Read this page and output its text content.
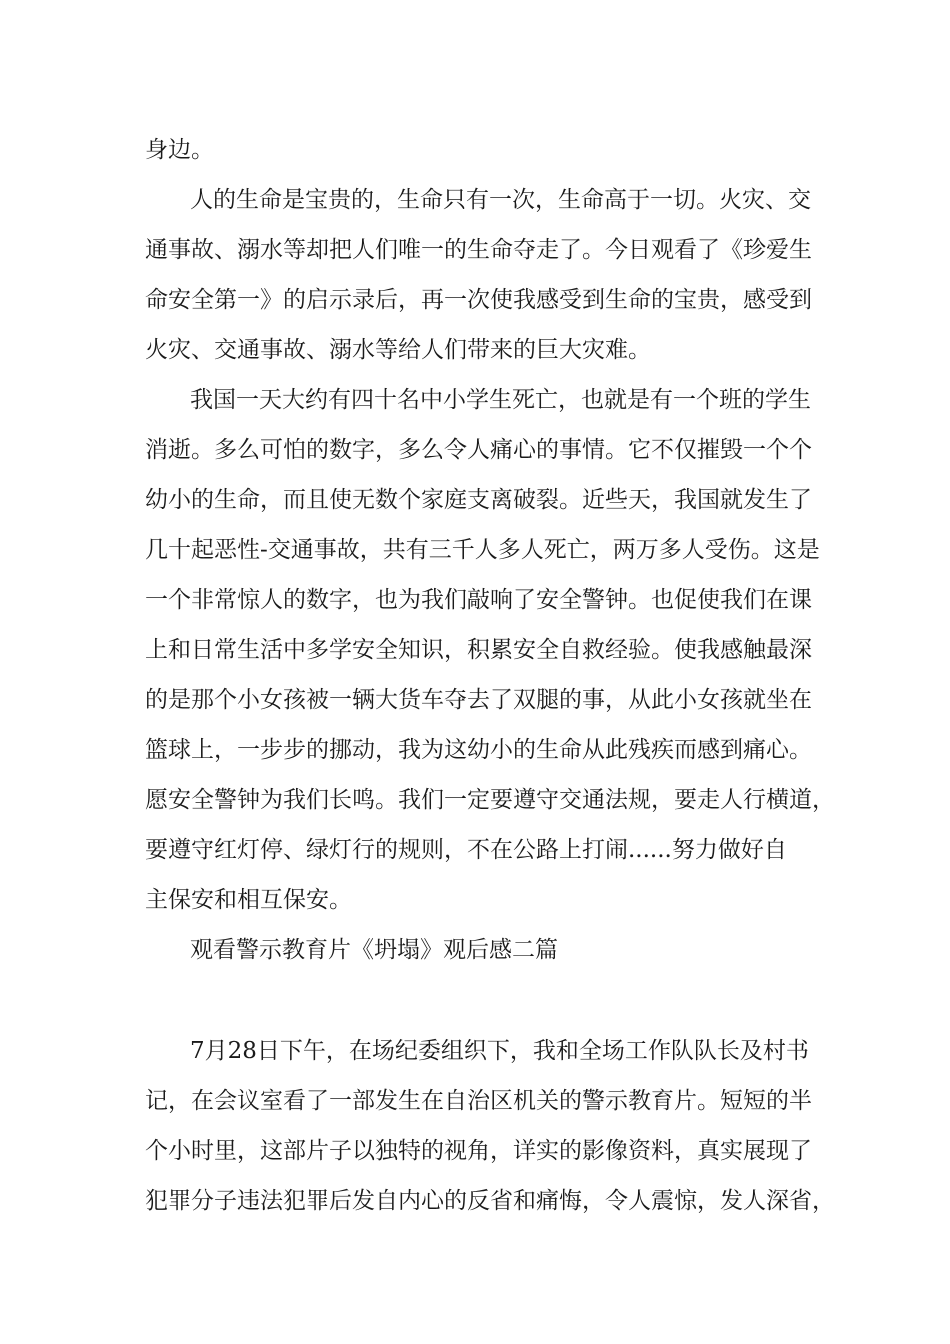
身边。
人的生命是宝贵的，生命只有一次，生命高于一切。火灾、交
通事故、溺水等却把人们唯一的生命夺走了。今日观看了《珍爱生
命安全第一》的启示录后，再一次使我感受到生命的宝贵，感受到
火灾、交通事故、溺水等给人们带来的巨大灾难。
我国一天大约有四十名中小学生死亡，也就是有一个班的学生
消逝。多么可怕的数字，多么令人痛心的事情。它不仅摧毁一个个
幼小的生命，而且使无数个家庭支离破裂。近些天，我国就发生了
几十起恶性-交通事故，共有三千人多人死亡，两万多人受伤。这是
一个非常惊人的数字，也为我们敲响了安全警钟。也促使我们在课
上和日常生活中多学安全知识，积累安全自救经验。使我感触最深
的是那个小女孩被一辆大货车夺去了双腿的事，从此小女孩就坐在
篮球上，一步步的挪动，我为这幼小的生命从此残疾而感到痛心。
愿安全警钟为我们长鸣。我们一定要遵守交通法规，要走人行横道，
要遵守红灯停、绿灯行的规则，不在公路上打闹......努力做好自
主保安和相互保安。
观看警示教育片《坍塌》观后感二篇
7月28日下午，在场纪委组织下，我和全场工作队队长及村书
记，在会议室看了一部发生在自治区机关的警示教育片。短短的半
个小时里，这部片子以独特的视角，详实的影像资料，真实展现了
犯罪分子违法犯罪后发自内心的反省和痛悔，令人震惊，发人深省，
